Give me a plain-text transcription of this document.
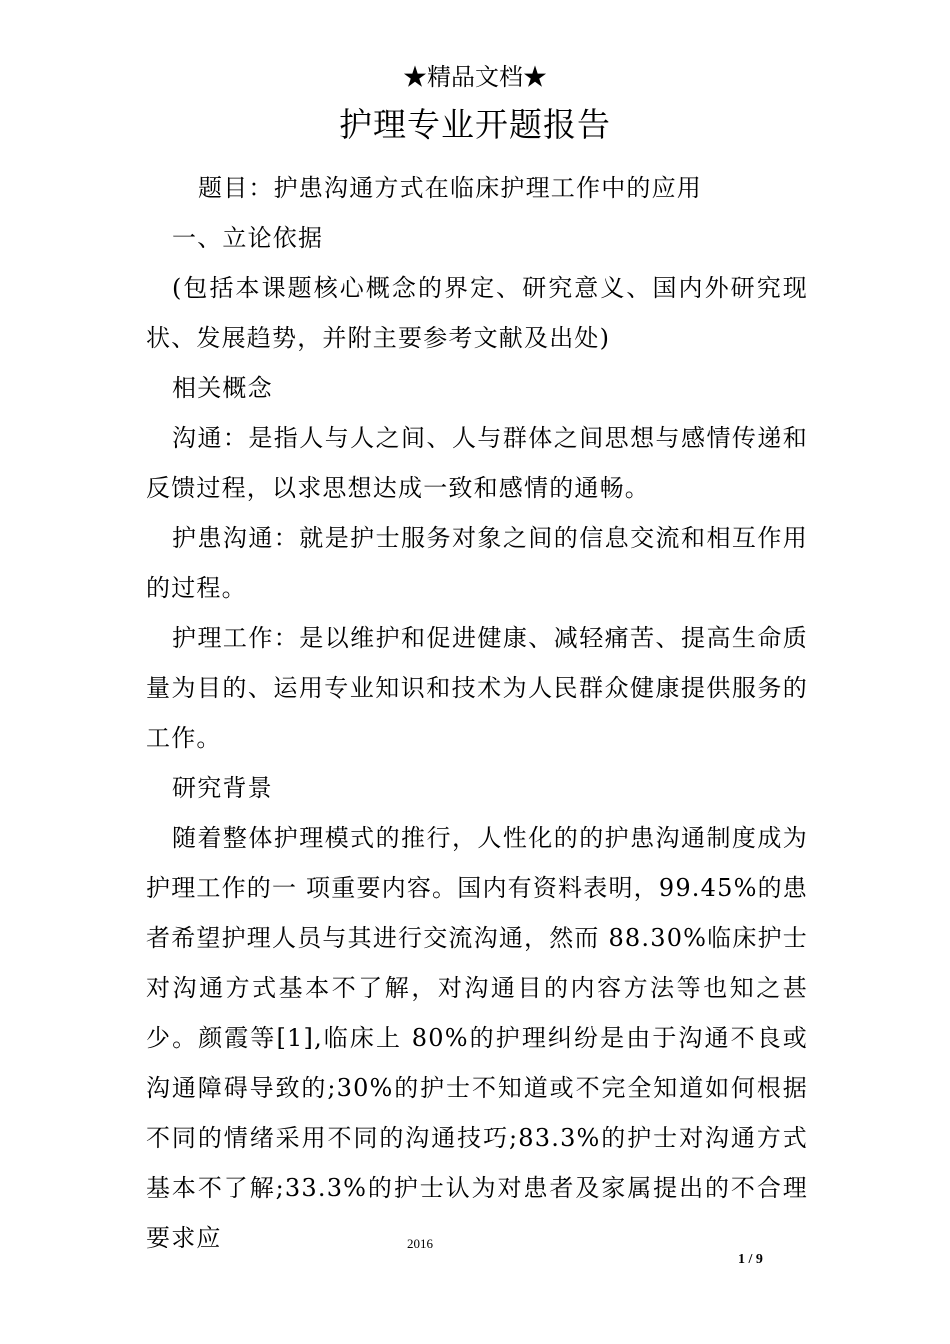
★精品文档★
护理专业开题报告

题目：护患沟通方式在临床护理工作中的应用

一、立论依据

(包括本课题核心概念的界定、研究意义、国内外研究现状、发展趋势，并附主要参考文献及出处)

相关概念

沟通：是指人与人之间、人与群体之间思想与感情传递和反馈过程，以求思想达成一致和感情的通畅。

护患沟通：就是护士服务对象之间的信息交流和相互作用的过程。

护理工作：是以维护和促进健康、减轻痛苦、提高生命质量为目的、运用专业知识和技术为人民群众健康提供服务的工作。

研究背景

随着整体护理模式的推行，人性化的的护患沟通制度成为护理工作的一 项重要内容。国内有资料表明，99.45%的患者希望护理人员与其进行交流沟通，然而 88.30%临床护士对沟通方式基本不了解，对沟通目的内容方法等也知之甚少。颜霞等[1],临床上 80%的护理纠纷是由于沟通不良或沟通障碍导致的;30%的护士不知道或不完全知道如何根据不同的情绪采用不同的沟通技巧;83.3%的护士对沟通方式基本不了解;33.3%的护士认为对患者及家属提出的不合理要求应	2016
1 / 9
